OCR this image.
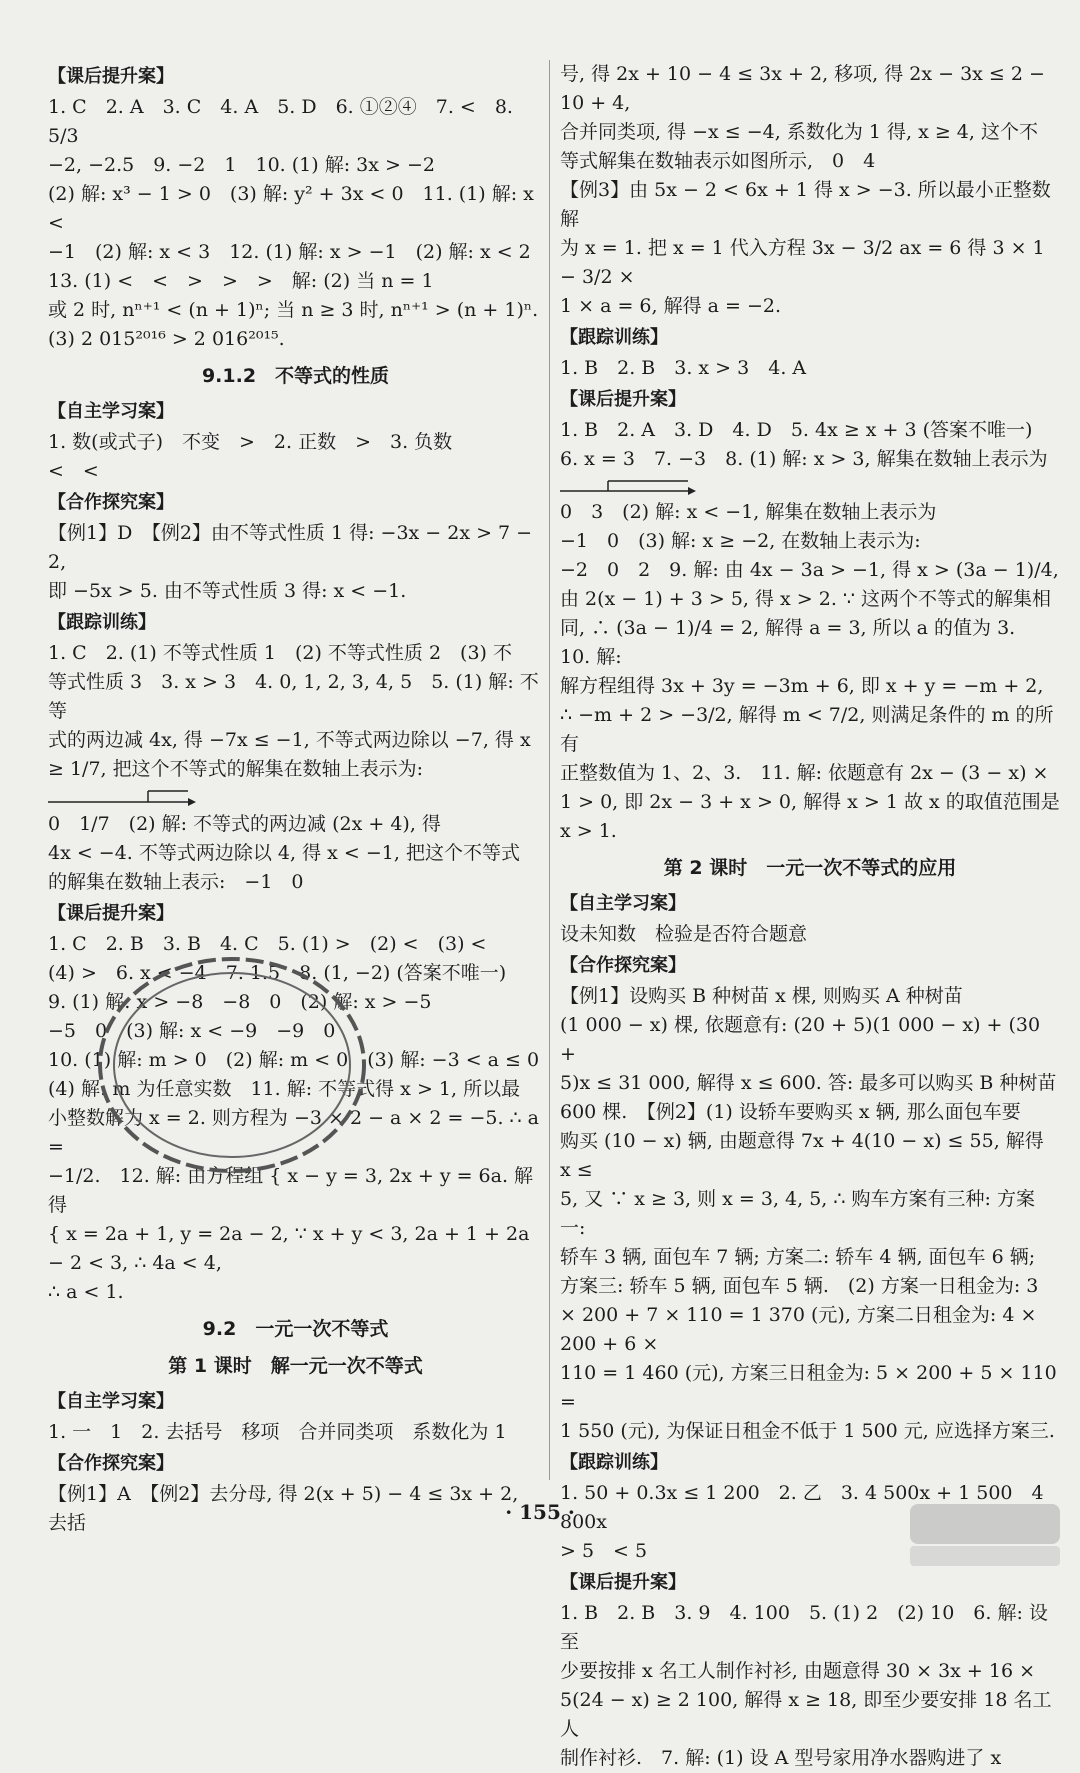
【课后提升案】
1. C　2. A　3. C　4. A　5. D　6. ①②④　7. <　8. 5/3
−2, −2.5　9. −2　1　10. (1) 解: 3x > −2
(2) 解: x³ − 1 > 0　(3) 解: y² + 3x < 0　11. (1) 解: x <
−1　(2) 解: x < 3　12. (1) 解: x > −1　(2) 解: x < 2
13. (1) <　<　>　>　>　解: (2) 当 n = 1
或 2 时, nⁿ⁺¹ < (n + 1)ⁿ; 当 n ≥ 3 时, nⁿ⁺¹ > (n + 1)ⁿ.
(3) 2 015²⁰¹⁶ > 2 016²⁰¹⁵.
9.1.2　不等式的性质
【自主学习案】
1. 数(或式子)　不变　>　2. 正数　>　3. 负数
<　<
【合作探究案】
【例1】D　【例2】由不等式性质 1 得: −3x − 2x > 7 − 2,
即 −5x > 5. 由不等式性质 3 得: x < −1.
【跟踪训练】
1. C　2. (1) 不等式性质 1　(2) 不等式性质 2　(3) 不
等式性质 3　3. x > 3　4. 0, 1, 2, 3, 4, 5　5. (1) 解: 不等
式的两边减 4x, 得 −7x ≤ −1, 不等式两边除以 −7, 得 x
≥ 1/7, 把这个不等式的解集在数轴上表示为:
0　1/7　(2) 解: 不等式的两边减 (2x + 4), 得
4x < −4. 不等式两边除以 4, 得 x < −1, 把这个不等式
的解集在数轴上表示:　−1　0
【课后提升案】
1. C　2. B　3. B　4. C　5. (1) >　(2) <　(3) <
(4) >　6. x < −4　7. 1.5　8. (1, −2) (答案不唯一)
9. (1) 解: x > −8　−8　0　(2) 解: x > −5
−5　0　(3) 解: x < −9　−9　0
10. (1) 解: m > 0　(2) 解: m < 0　(3) 解: −3 < a ≤ 0
(4) 解: m 为任意实数　11. 解: 不等式得 x > 1, 所以最
小整数解为 x = 2. 则方程为 −3 × 2 − a × 2 = −5. ∴ a =
−1/2.　12. 解: 由方程组 { x − y = 3, 2x + y = 6a. 解得
{ x = 2a + 1, y = 2a − 2, ∵ x + y < 3, 2a + 1 + 2a − 2 < 3, ∴ 4a < 4,
∴ a < 1.
9.2　一元一次不等式
第 1 课时　解一元一次不等式
【自主学习案】
1. 一　1　2. 去括号　移项　合并同类项　系数化为 1
【合作探究案】
【例1】A　【例2】去分母, 得 2(x + 5) − 4 ≤ 3x + 2, 去括
号, 得 2x + 10 − 4 ≤ 3x + 2, 移项, 得 2x − 3x ≤ 2 − 10 + 4,
合并同类项, 得 −x ≤ −4, 系数化为 1 得, x ≥ 4, 这个不
等式解集在数轴表示如图所示,　0　4
【例3】由 5x − 2 < 6x + 1 得 x > −3. 所以最小正整数解
为 x = 1. 把 x = 1 代入方程 3x − 3/2 ax = 6 得 3 × 1 − 3/2 ×
1 × a = 6, 解得 a = −2.
【跟踪训练】
1. B　2. B　3. x > 3　4. A
【课后提升案】
1. B　2. A　3. D　4. D　5. 4x ≥ x + 3 (答案不唯一)
6. x = 3　7. −3　8. (1) 解: x > 3, 解集在数轴上表示为
0　3　(2) 解: x < −1, 解集在数轴上表示为
−1　0　(3) 解: x ≥ −2, 在数轴上表示为:
−2　0　2　9. 解: 由 4x − 3a > −1, 得 x > (3a − 1)/4,
由 2(x − 1) + 3 > 5, 得 x > 2. ∵ 这两个不等式的解集相
同, ∴ (3a − 1)/4 = 2, 解得 a = 3, 所以 a 的值为 3.　10. 解:
解方程组得 3x + 3y = −3m + 6, 即 x + y = −m + 2,
∴ −m + 2 > −3/2, 解得 m < 7/2, 则满足条件的 m 的所有
正整数值为 1、2、3.　11. 解: 依题意有 2x − (3 − x) ×
1 > 0, 即 2x − 3 + x > 0, 解得 x > 1 故 x 的取值范围是 x > 1.
第 2 课时　一元一次不等式的应用
【自主学习案】
设未知数　检验是否符合题意
【合作探究案】
【例1】设购买 B 种树苗 x 棵, 则购买 A 种树苗
(1 000 − x) 棵, 依题意有: (20 + 5)(1 000 − x) + (30 +
5)x ≤ 31 000, 解得 x ≤ 600. 答: 最多可以购买 B 种树苗
600 棵.　【例2】(1) 设轿车要购买 x 辆, 那么面包车要
购买 (10 − x) 辆, 由题意得 7x + 4(10 − x) ≤ 55, 解得 x ≤
5, 又 ∵ x ≥ 3, 则 x = 3, 4, 5, ∴ 购车方案有三种: 方案一:
轿车 3 辆, 面包车 7 辆; 方案二: 轿车 4 辆, 面包车 6 辆;
方案三: 轿车 5 辆, 面包车 5 辆.　(2) 方案一日租金为: 3
× 200 + 7 × 110 = 1 370 (元), 方案二日租金为: 4 × 200 + 6 ×
110 = 1 460 (元), 方案三日租金为: 5 × 200 + 5 × 110 =
1 550 (元), 为保证日租金不低于 1 500 元, 应选择方案三.
【跟踪训练】
1. 50 + 0.3x ≤ 1 200　2. 乙　3. 4 500x + 1 500　4 800x
> 5　< 5
【课后提升案】
1. B　2. B　3. 9　4. 100　5. (1) 2　(2) 10　6. 解: 设至
少要按排 x 名工人制作衬衫, 由题意得 30 × 3x + 16 ×
5(24 − x) ≥ 2 100, 解得 x ≥ 18, 即至少要安排 18 名工人
制作衬衫.　7. 解: (1) 设 A 型号家用净水器购进了 x
· 155 ·
